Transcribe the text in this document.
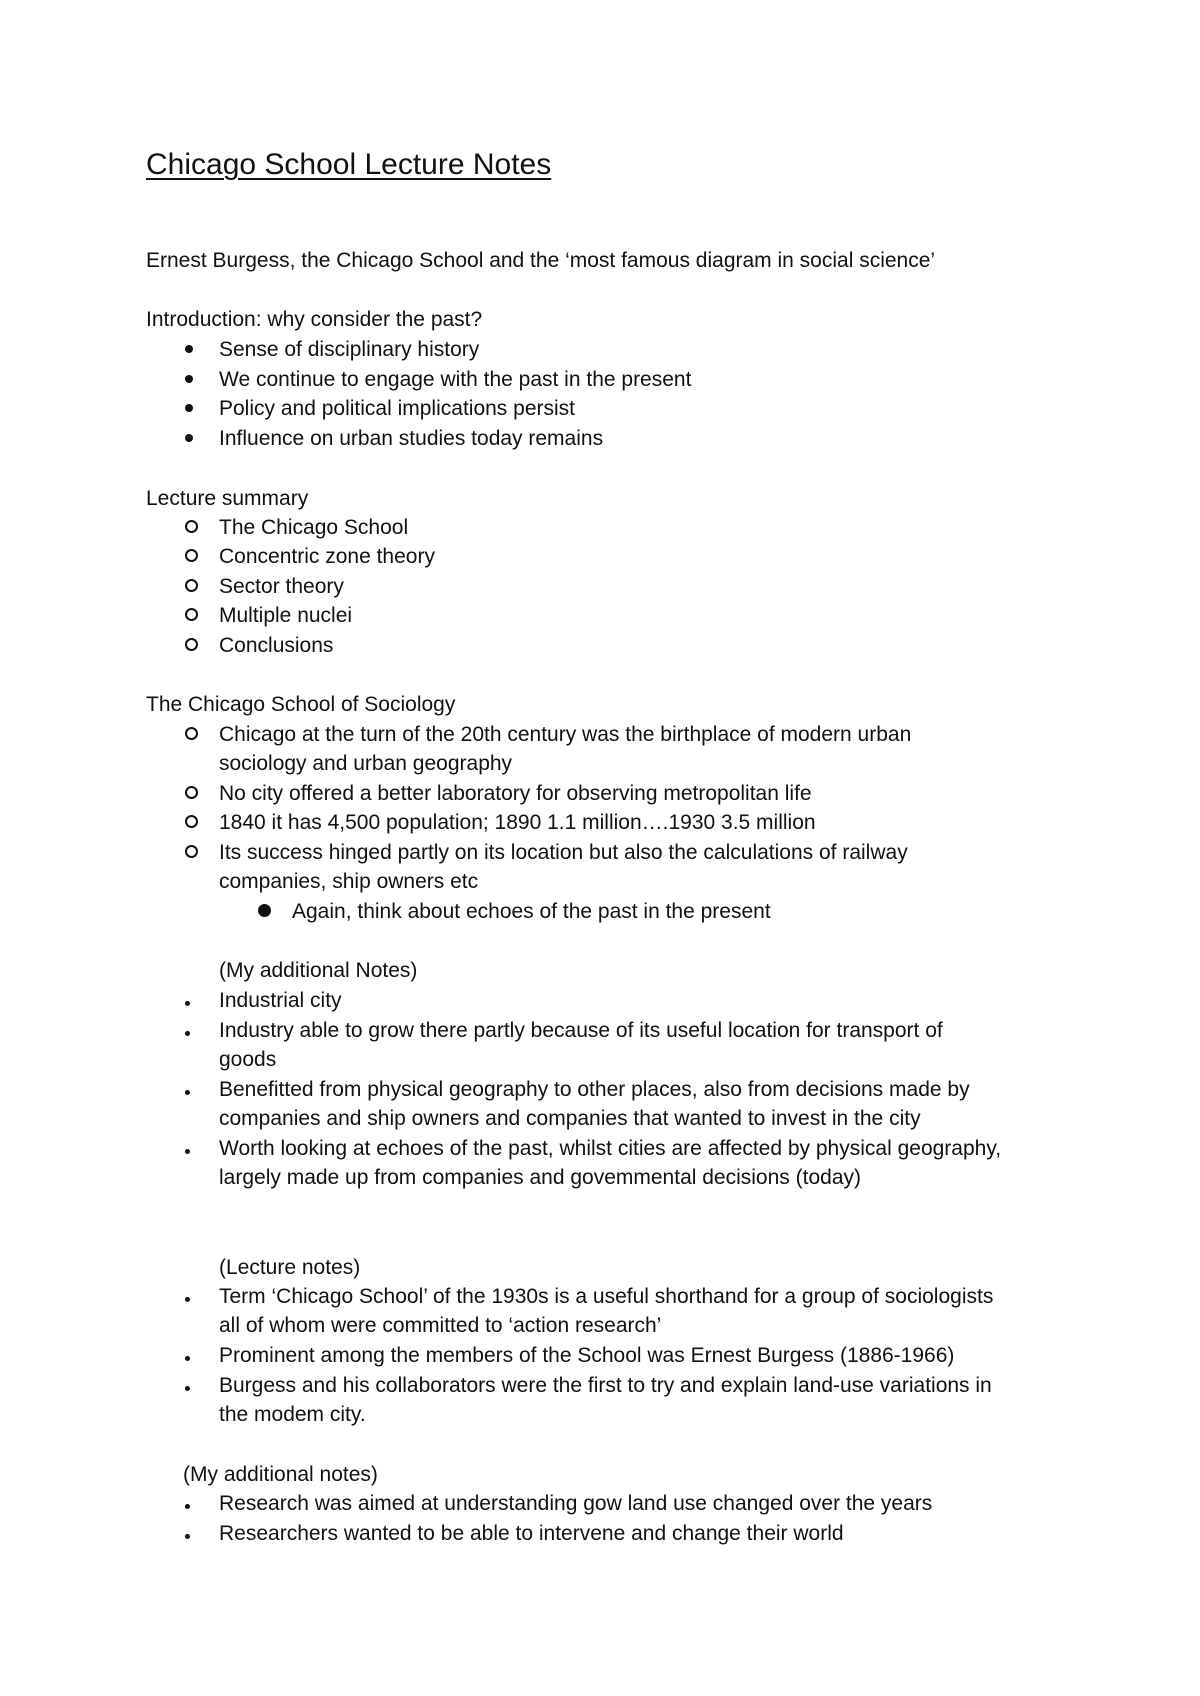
Chicago School Lecture Notes
Ernest Burgess, the Chicago School and the ‘most famous diagram in social science’
Introduction: why consider the past?
Sense of disciplinary history
We continue to engage with the past in the present
Policy and political implications persist
Influence on urban studies today remains
Lecture summary
The Chicago School
Concentric zone theory
Sector theory
Multiple nuclei
Conclusions
The Chicago School of Sociology
Chicago at the turn of the 20th century was the birthplace of modern urban
sociology and urban geography
No city offered a better laboratory for observing metropolitan life
1840 it has 4,500 population; 1890 1.1 million….1930 3.5 million
Its success hinged partly on its location but also the calculations of railway
companies, ship owners etc
Again, think about echoes of the past in the present
(My additional Notes)
Industrial city
Industry able to grow there partly because of its useful location for transport of
goods
Benefitted from physical geography to other places, also from decisions made by
companies and ship owners and companies that wanted to invest in the city
Worth looking at echoes of the past, whilst cities are affected by physical geography,
largely made up from companies and govemmental decisions (today)
(Lecture notes)
Term ‘Chicago School’ of the 1930s is a useful shorthand for a group of sociologists
all of whom were committed to ‘action research’
Prominent among the members of the School was Ernest Burgess (1886-1966)
Burgess and his collaborators were the first to try and explain land-use variations in
the modem city.
(My additional notes)
Research was aimed at understanding gow land use changed over the years
Researchers wanted to be able to intervene and change their world
